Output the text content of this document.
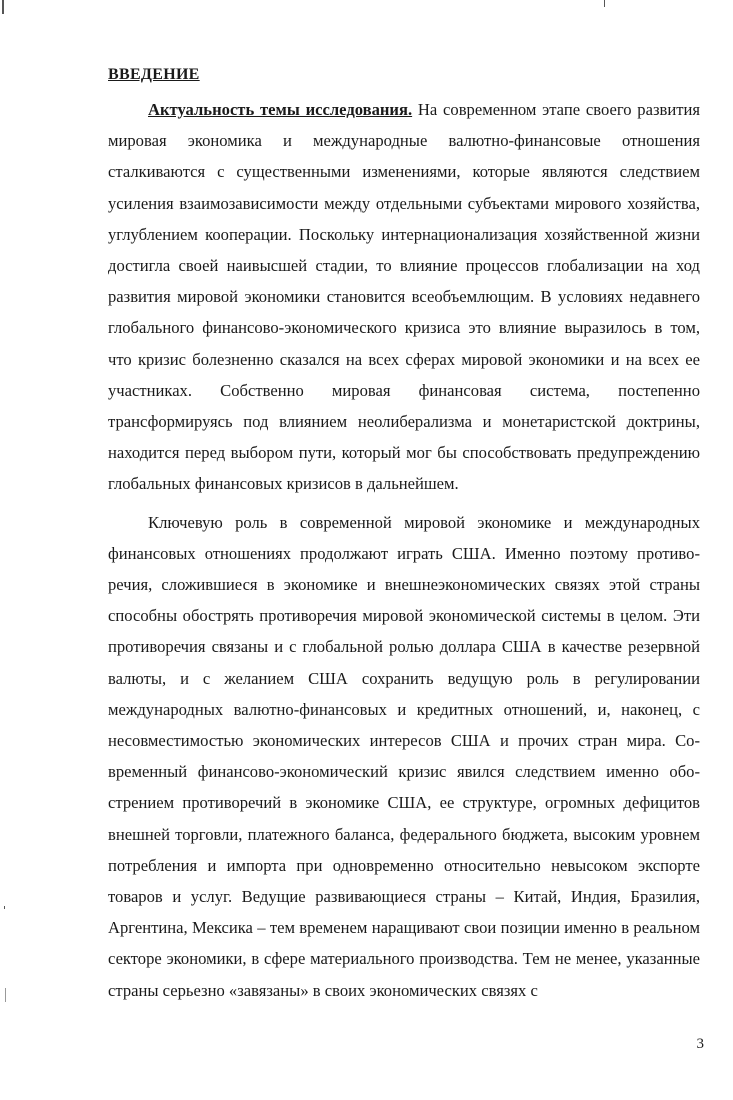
ВВЕДЕНИЕ

Актуальность темы исследования. На современном этапе своего развития мировая экономика и международные валютно-финансовые отношения сталкиваются с существенными изменениями, которые являются следствием усиления взаимозависимости между отдельными субъектами мирового хозяйства, углублением кооперации. Поскольку интернационализация хозяйственной жизни достигла своей наивысшей стадии, то влияние процессов глобализации на ход развития мировой экономики становится всеобъемлющим. В условиях недавнего глобального финансово-экономического кризиса это влияние выразилось в том, что кризис болезненно сказался на всех сферах мировой экономики и на всех ее участниках. Собственно мировая финансовая система, постепенно трансформируясь под влиянием неолиберализма и монетаристской доктрины, находится перед выбором пути, который мог бы способствовать предупреждению глобальных финансовых кризисов в дальнейшем.

Ключевую роль в современной мировой экономике и международных финансовых отношениях продолжают играть США. Именно поэтому противоречия, сложившиеся в экономике и внешнеэкономических связях этой страны способны обострять противоречия мировой экономической системы в целом. Эти противоречия связаны и с глобальной ролью доллара США в качестве резервной валюты, и с желанием США сохранить ведущую роль в регулировании международных валютно-финансовых и кредитных отношений, и, наконец, с несовместимостью экономических интересов США и прочих стран мира. Современный финансово-экономический кризис явился следствием именно обострением противоречий в экономике США, ее структуре, огромных дефицитов внешней торговли, платежного баланса, федерального бюджета, высоким уровнем потребления и импорта при одновременно относительно невысоком экспорте товаров и услуг. Ведущие развивающиеся страны – Китай, Индия, Бразилия, Аргентина, Мексика – тем временем наращивают свои позиции именно в реальном секторе экономики, в сфере материального производства. Тем не менее, указанные страны серьезно «завязаны» в своих экономических связях с

3
